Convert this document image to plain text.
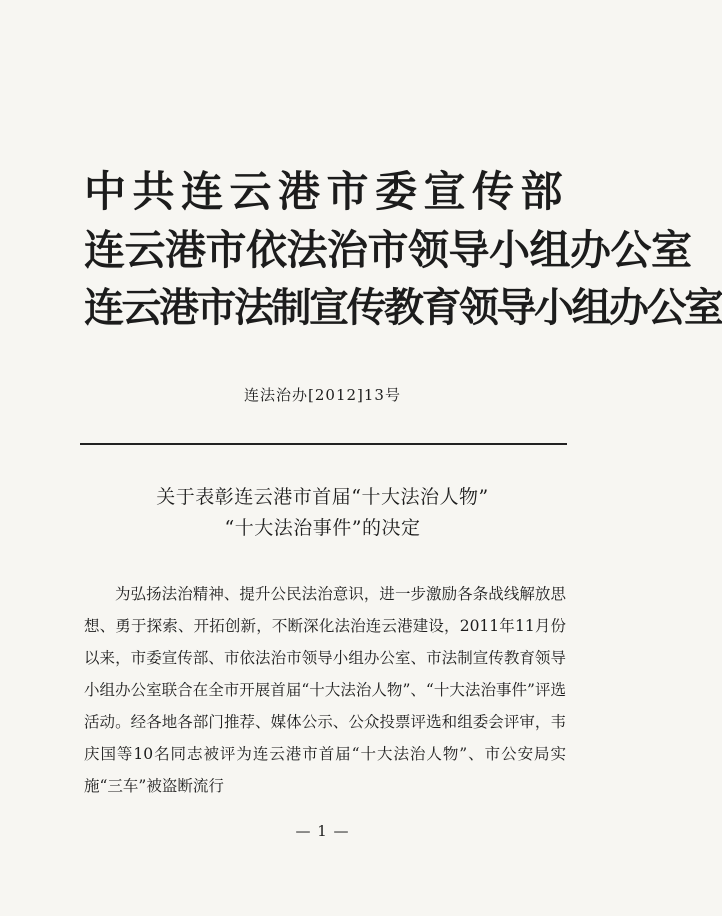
中共连云港市委宣传部
连云港市依法治市领导小组办公室
连云港市法制宣传教育领导小组办公室
连法治办[2012]13号
关于表彰连云港市首届“十大法治人物”
“十大法治事件”的决定
为弘扬法治精神、提升公民法治意识，进一步激励各条战线解放思想、勇于探索、开拓创新，不断深化法治连云港建设，2011年11月份以来，市委宣传部、市依法治市领导小组办公室、市法制宣传教育领导小组办公室联合在全市开展首届“十大法治人物”、“十大法治事件”评选活动。经各地各部门推荐、媒体公示、公众投票评选和组委会评审，韦庆国等10名同志被评为连云港市首届“十大法治人物”、市公安局实施“三车”被盗断流行
— 1 —
